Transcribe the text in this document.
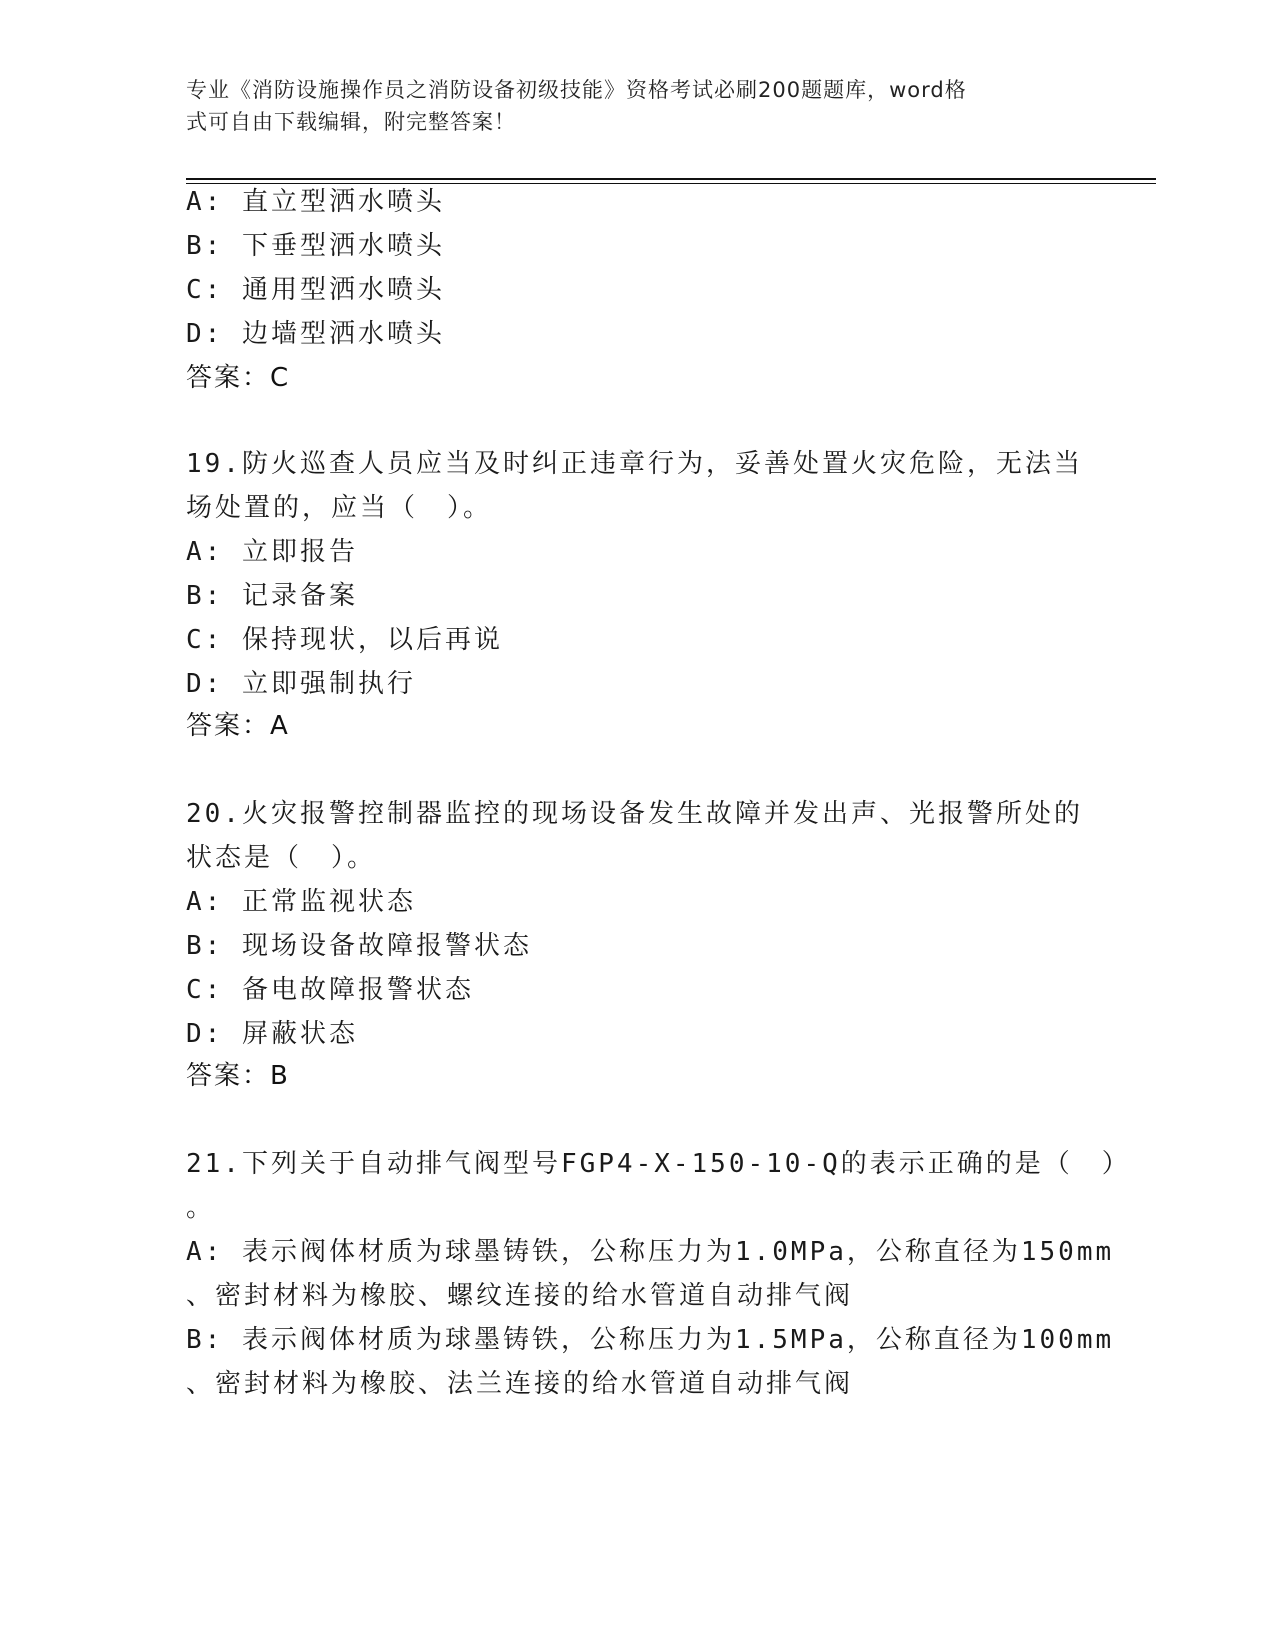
专业《消防设施操作员之消防设备初级技能》资格考试必刷200题题库，word格
式可自由下载编辑，附完整答案！
A: 直立型洒水喷头
B: 下垂型洒水喷头
C: 通用型洒水喷头
D: 边墙型洒水喷头
答案：C
19.防火巡查人员应当及时纠正违章行为，妥善处置火灾危险，无法当
场处置的，应当（　）。
A: 立即报告
B: 记录备案
C: 保持现状，以后再说
D: 立即强制执行
答案：A
20.火灾报警控制器监控的现场设备发生故障并发出声、光报警所处的
状态是（　）。
A: 正常监视状态
B: 现场设备故障报警状态
C: 备电故障报警状态
D: 屏蔽状态
答案：B
21.下列关于自动排气阀型号FGP4-X-150-10-Q的表示正确的是（　）
。
A: 表示阀体材质为球墨铸铁，公称压力为1.0MPa，公称直径为150mm
、密封材料为橡胶、螺纹连接的给水管道自动排气阀
B: 表示阀体材质为球墨铸铁，公称压力为1.5MPa，公称直径为100mm
、密封材料为橡胶、法兰连接的给水管道自动排气阀
